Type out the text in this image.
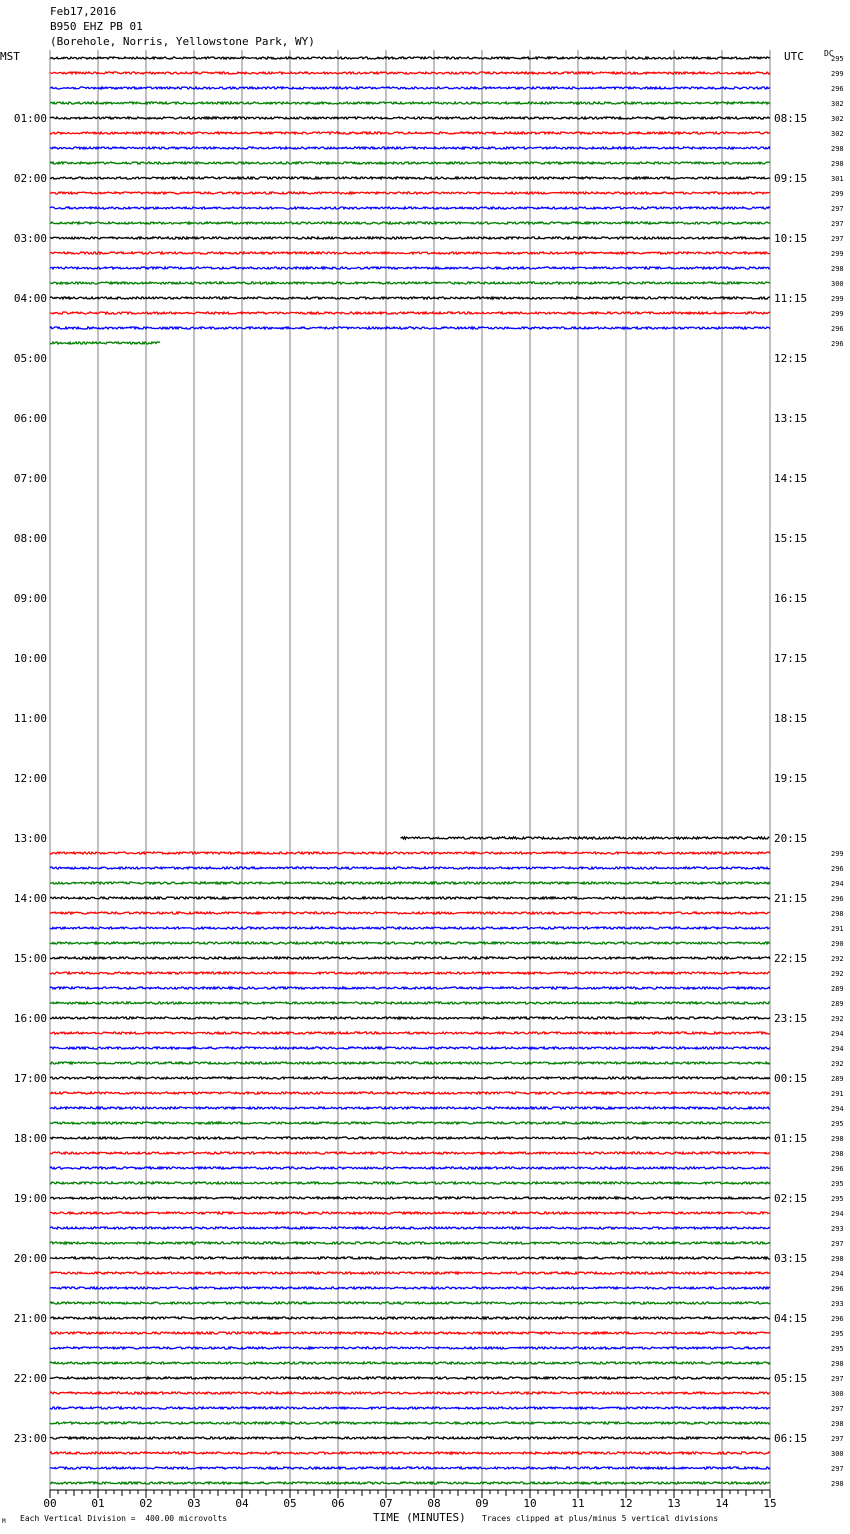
Feb17,2016
B950 EHZ PB 01
(Borehole, Norris, Yellowstone Park, WY)
MST	UTC	DC
01:00
02:00
03:00
04:00
05:00
06:00
07:00
08:00
09:00
10:00
11:00
12:00
13:00
14:00
15:00
16:00
17:00
18:00
19:00
20:00
21:00
22:00
23:00
08:15
09:15
10:15
11:15
12:15
13:15
14:15
15:15
16:15
17:15
18:15
19:15
20:15
21:15
22:15
23:15
00:15
01:15
02:15
03:15
04:15
05:15
06:15
295
299
296
302
302
302
298
298
301
299
297
297
297
299
298
300
299
299
296
296
299
296
294
296
298
291
290
292
292
289
289
292
294
294
292
289
291
294
295
298
298
296
295
295
294
293
297
298
294
296
293
296
295
295
298
297
300
297
298
297
300
297
298
00	01	02	03	04	05	06	07	08	09	10	11	12	13	14	15
Each Vertical Division =  400.00 microvolts	TIME (MINUTES) Traces clipped at plus/minus 5 vertical divisions
M
